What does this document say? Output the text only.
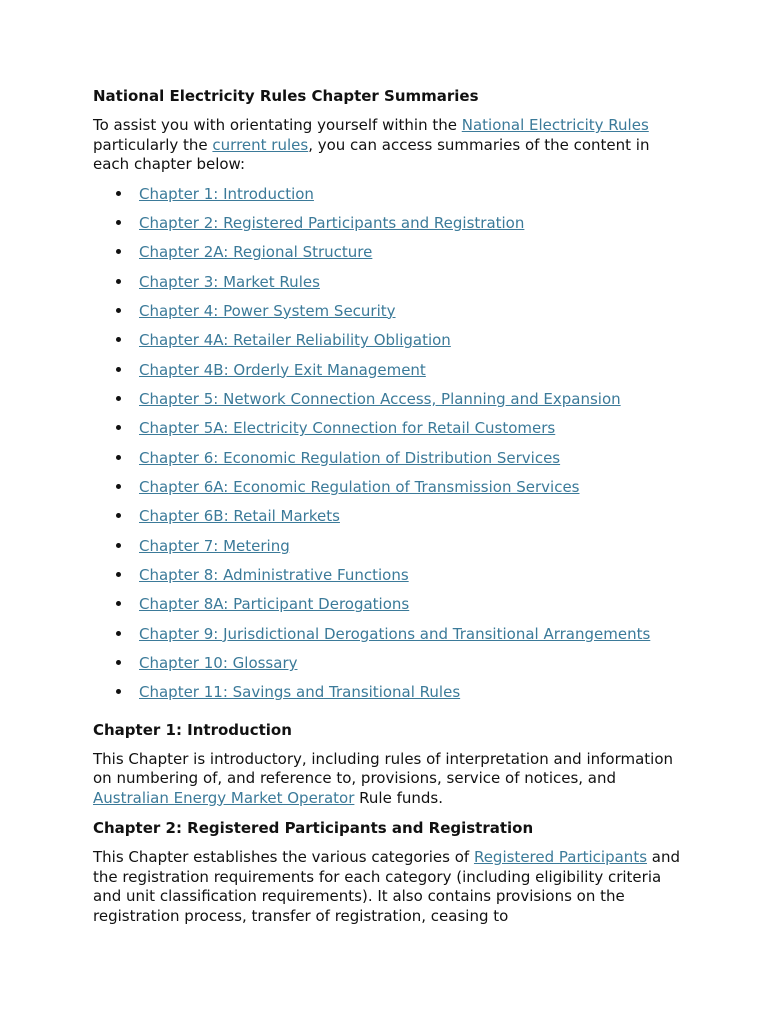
National Electricity Rules Chapter Summaries

To assist you with orientating yourself within the National Electricity Rules particularly the current rules, you can access summaries of the content in each chapter below:

Chapter 1: Introduction
Chapter 2: Registered Participants and Registration
Chapter 2A: Regional Structure
Chapter 3: Market Rules
Chapter 4: Power System Security
Chapter 4A: Retailer Reliability Obligation
Chapter 4B: Orderly Exit Management
Chapter 5: Network Connection Access, Planning and Expansion
Chapter 5A: Electricity Connection for Retail Customers
Chapter 6: Economic Regulation of Distribution Services
Chapter 6A: Economic Regulation of Transmission Services
Chapter 6B: Retail Markets
Chapter 7: Metering
Chapter 8: Administrative Functions
Chapter 8A: Participant Derogations
Chapter 9: Jurisdictional Derogations and Transitional Arrangements
Chapter 10: Glossary
Chapter 11: Savings and Transitional Rules
Chapter 1: Introduction

This Chapter is introductory, including rules of interpretation and information on numbering of, and reference to, provisions, service of notices, and Australian Energy Market Operator Rule funds.

Chapter 2: Registered Participants and Registration

This Chapter establishes the various categories of Registered Participants and the registration requirements for each category (including eligibility criteria and unit classification requirements). It also contains provisions on the registration process, transfer of registration, ceasing to
